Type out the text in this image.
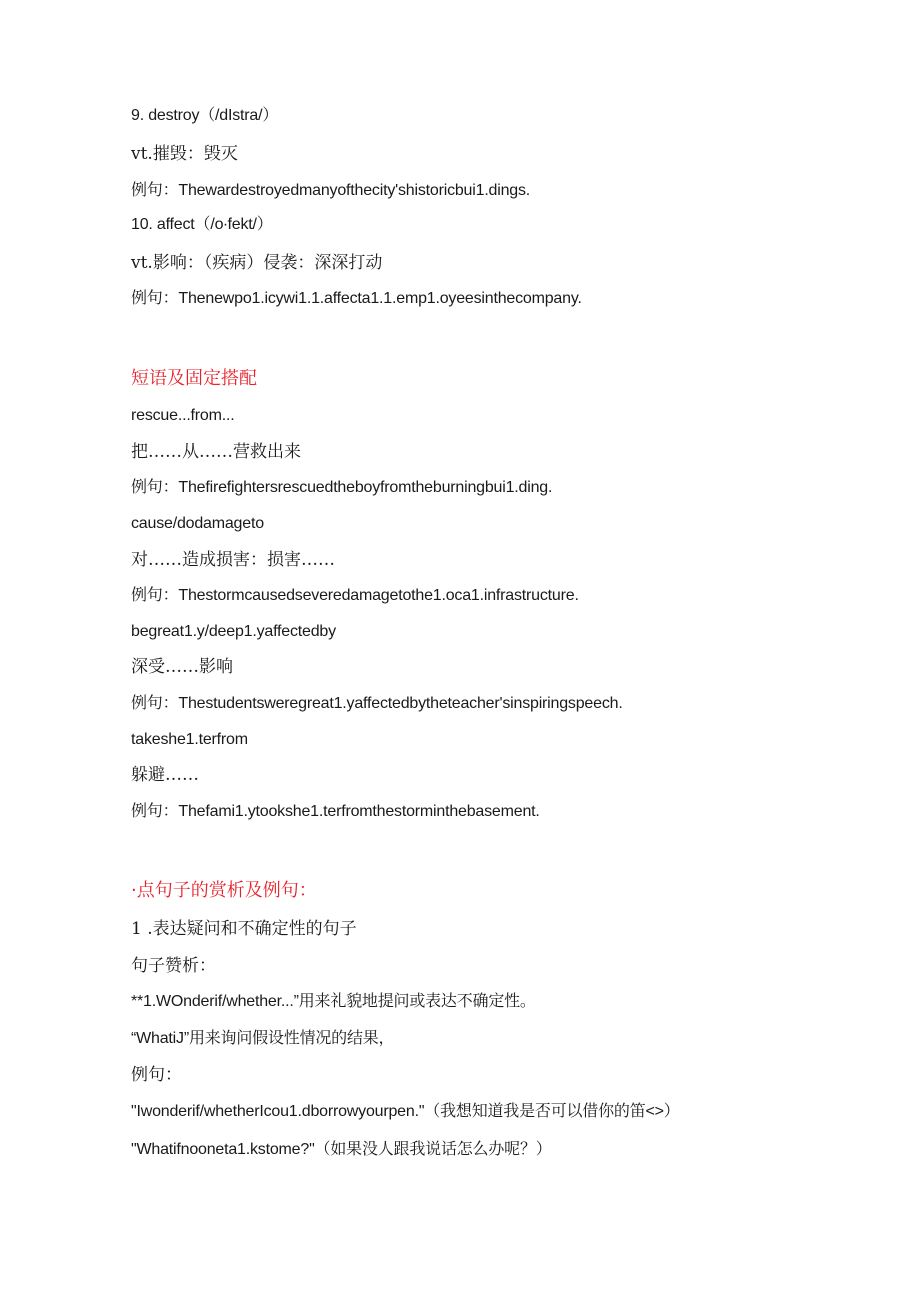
9. destroy（/dIstra/）
vt.摧毁：毁灭
例句：Thewardestroyedmanyofthecity'shistoricbui1.dings.
10. affect（/o∙fekt/）
vt.影响：（疾病）侵袭：深深打动
例句：Thenewpo1.icywi1.1.affecta1.1.emp1.oyeesinthecompany.
短语及固定搭配
rescue...from...
把……从……营救出来
例句：Thefirefightersrescuedtheboyfromtheburningbui1.ding.
cause/dodamageto
对……造成损害：损害……
例句：Thestormcausedseveredamagetothe1.oca1.infrastructure.
begreat1.y/deep1.yaffectedby
深受……影响
例句：Thestudentsweregreat1.yaffectedbytheteacher'sinspiringspeech.
takeshe1.terfrom
躲避……
例句：Thefami1.ytookshe1.terfromthestorminthebasement.
·点句子的赏析及例句：
1 .表达疑问和不确定性的句子
句子赞析：
**1.WOnderif/whether...”用来礼貌地提问或表达不确定性。
“WhatiJ”用来询问假设性情况的结果，
例句：
"Iwonderif/whetherIcou1.dborrowyourpen."（我想知道我是否可以借你的笛<>）
"Whatifnooneta1.kstome?"（如果没人跟我说话怎么办呢？）
